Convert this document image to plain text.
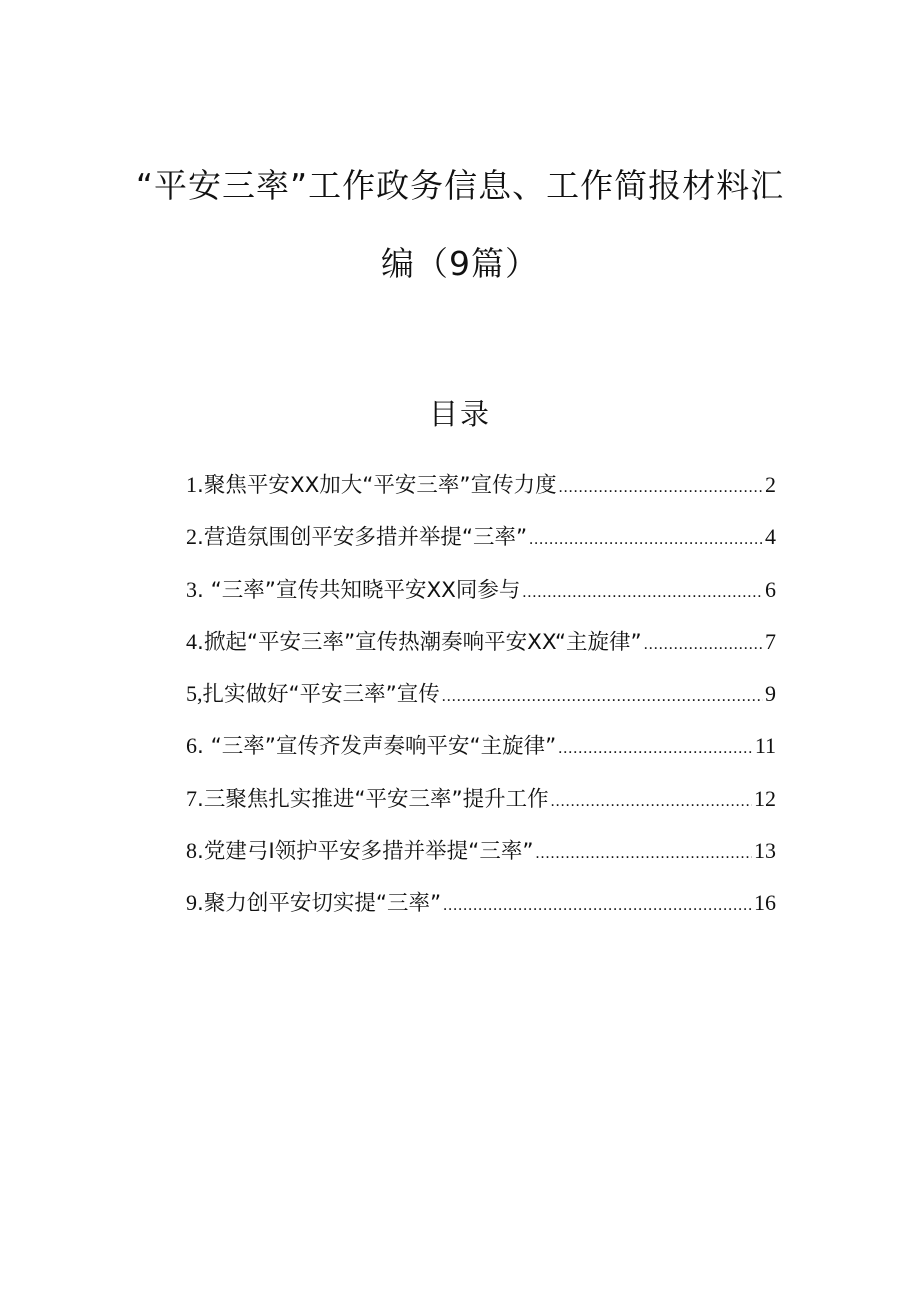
“平安三率”工作政务信息、工作简报材料汇
编（9篇）
目录
1 .聚焦平安XX加大“平安三率”宣传力度 .....	2
2 .营造氛围创平安多措并举提“三率” .....	4
3 . “三率”宣传共知晓平安XX同参与 .....	6
4 .掀起“平安三率”宣传热潮奏响平安XX“主旋律” .....	7
5, 扎实做好“平安三率”宣传 .....	9
6 . “三率”宣传齐发声奏响平安“主旋律” .....	11
7 .三聚焦扎实推进“平安三率”提升工作 .....	12
8 .党建弓I领护平安多措并举提“三率” .....	13
9 .聚力创平安切实提“三率” .....	16
